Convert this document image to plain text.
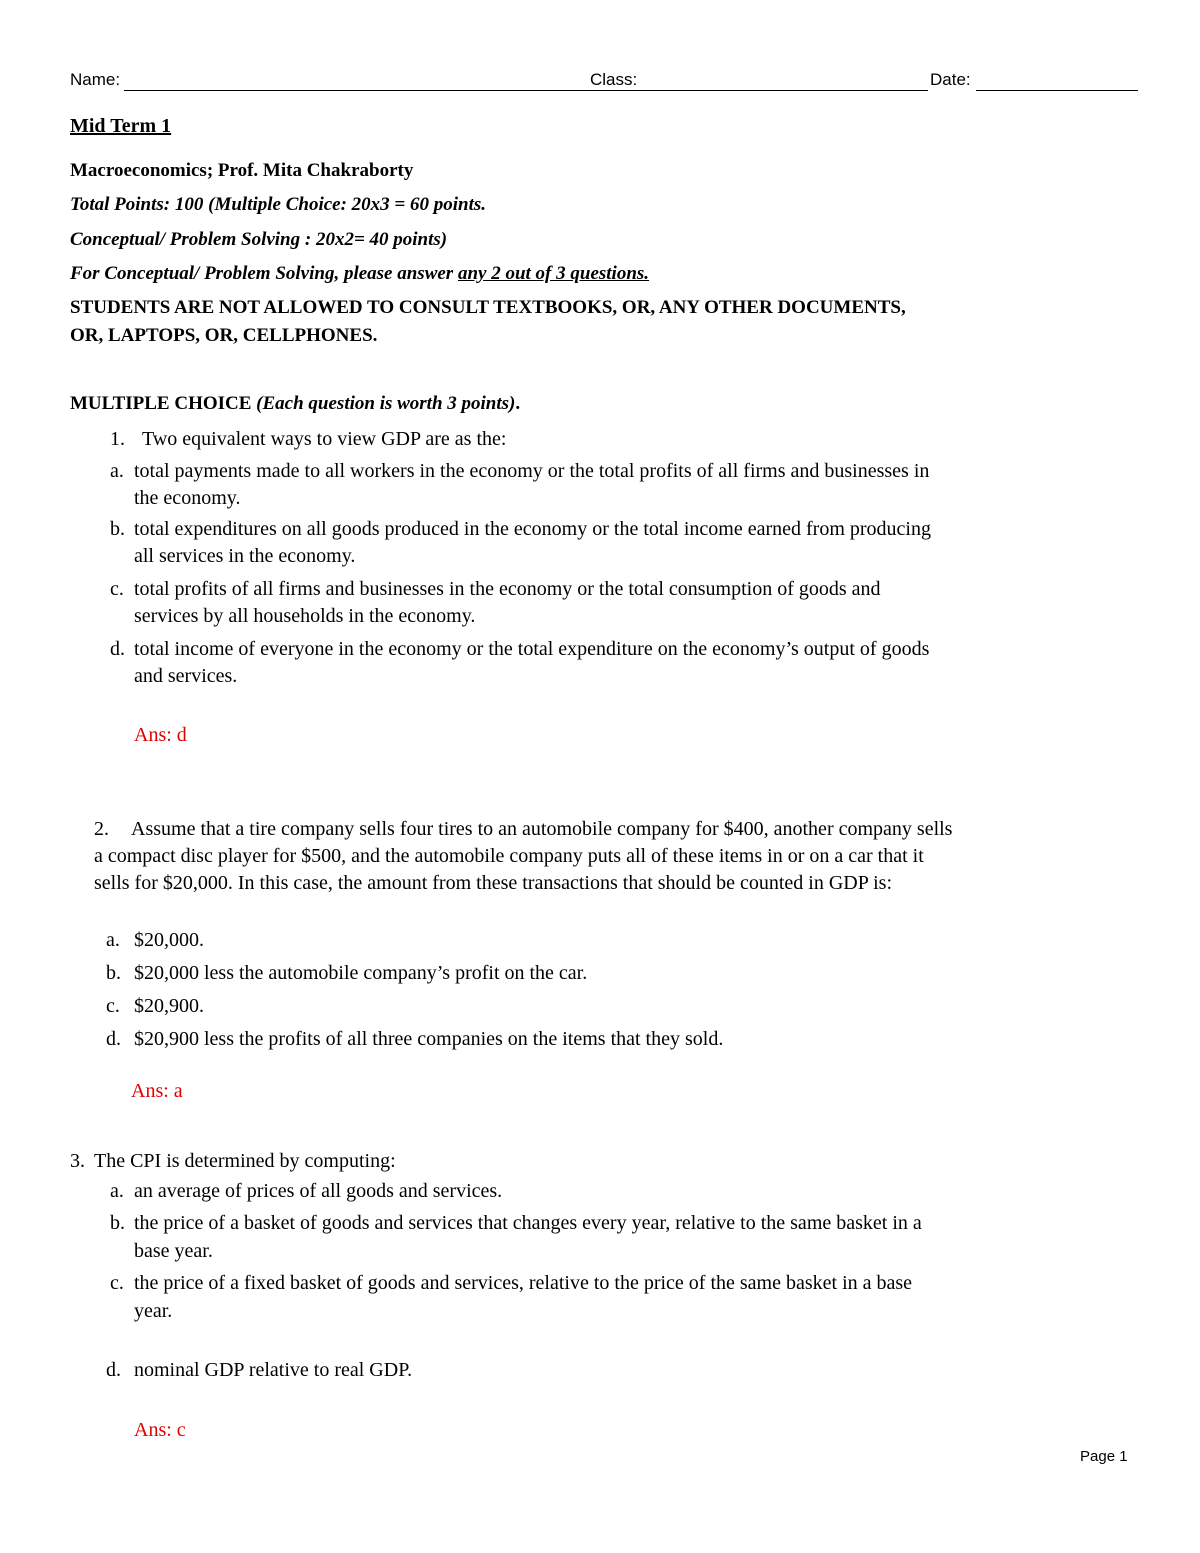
Name:	Class:	Date:
Mid Term 1
Macroeconomics; Prof. Mita Chakraborty
Total Points: 100 (Multiple Choice: 20x3 = 60 points.
Conceptual/ Problem Solving : 20x2= 40 points)
For Conceptual/ Problem Solving, please answer any 2 out of 3 questions.
STUDENTS ARE NOT ALLOWED TO CONSULT TEXTBOOKS, OR, ANY OTHER DOCUMENTS,
OR, LAPTOPS, OR, CELLPHONES.
MULTIPLE CHOICE (Each question is worth 3 points).
1. Two equivalent ways to view GDP are as the:
a. total payments made to all workers in the economy or the total profits of all firms and businesses in
the economy.
b. total expenditures on all goods produced in the economy or the total income earned from producing
all services in the economy.
c. total profits of all firms and businesses in the economy or the total consumption of goods and
services by all households in the economy.
d. total income of everyone in the economy or the total expenditure on the economy’s output of goods
and services.
Ans: d
2. Assume that a tire company sells four tires to an automobile company for $400, another company sells
a compact disc player for $500, and the automobile company puts all of these items in or on a car that it
sells for $20,000. In this case, the amount from these transactions that should be counted in GDP is:
a. $20,000.
b. $20,000 less the automobile company’s profit on the car.
c. $20,900.
d. $20,900 less the profits of all three companies on the items that they sold.
Ans: a
3. The CPI is determined by computing:
a. an average of prices of all goods and services.
b. the price of a basket of goods and services that changes every year, relative to the same basket in a
base year.
c. the price of a fixed basket of goods and services, relative to the price of the same basket in a base
year.
d. nominal GDP relative to real GDP.
Ans: c
Page 1
